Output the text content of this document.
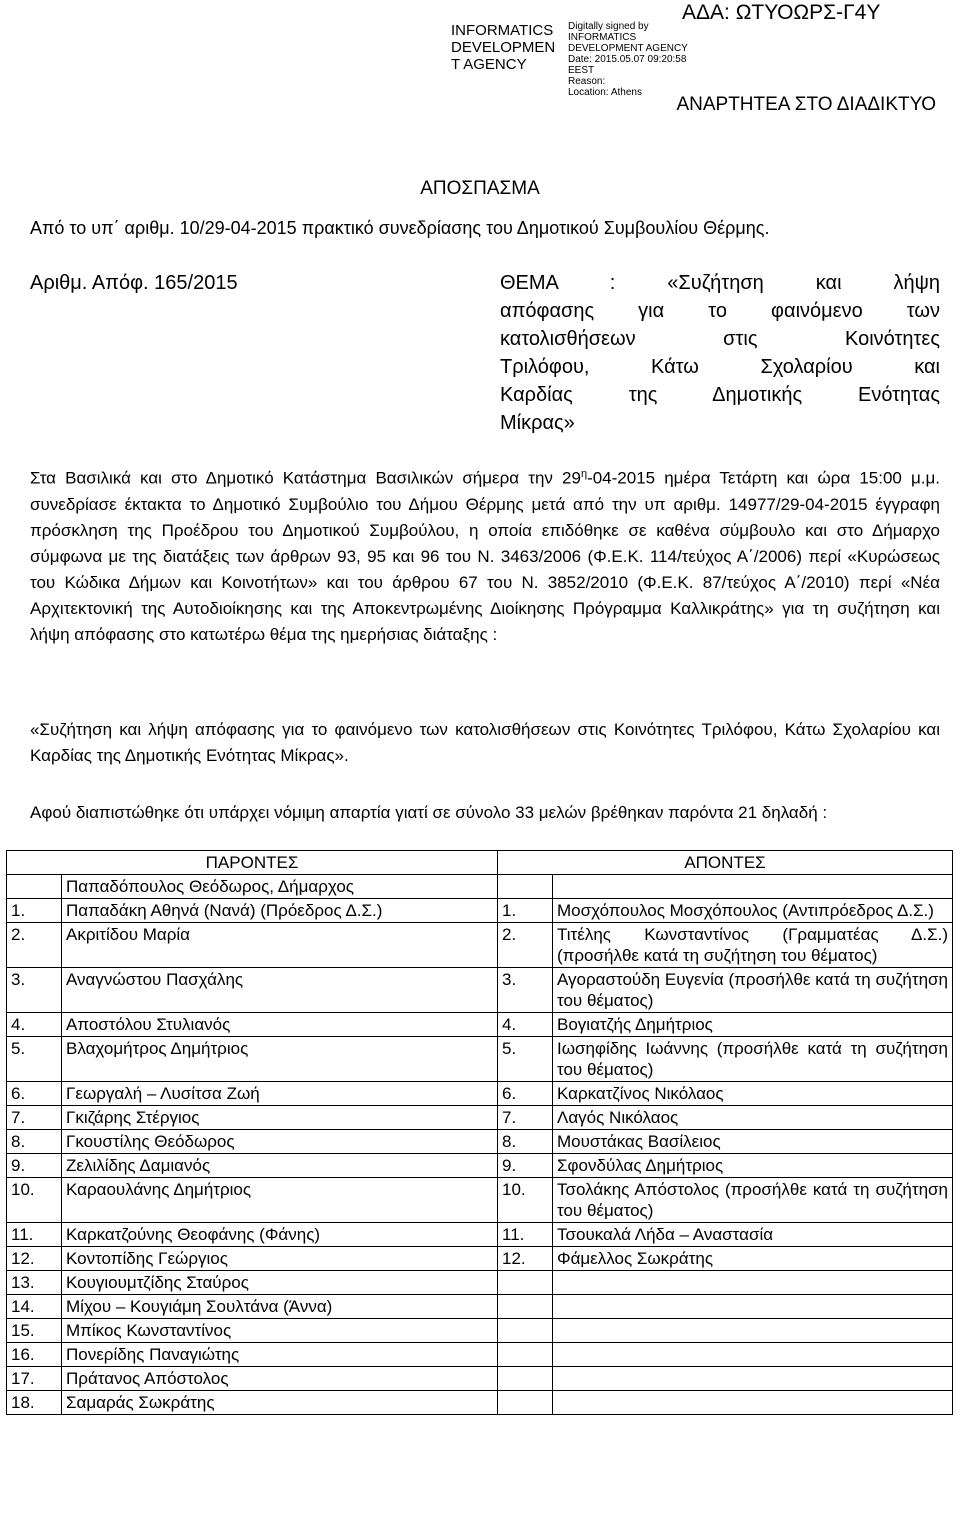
INFORMATICS
DEVELOPMEN
T AGENCY
Digitally signed by
INFORMATICS
DEVELOPMENT AGENCY
Date: 2015.05.07 09:20:58
EEST
Reason:
Location: Athens
ΑΔΑ: ΩΤΥΟΩΡΣ-Γ4Υ
ΑΝΑΡΤΗΤΕΑ ΣΤΟ ΔΙΑΔΙΚΤΥΟ
ΑΠΟΣΠΑΣΜΑ
Από το υπ΄ αριθμ. 10/29-04-2015 πρακτικό συνεδρίασης του Δημοτικού Συμβουλίου Θέρμης.
Αριθμ. Απόφ. 165/2015	ΘΕΜΑ : «Συζήτηση και λήψη
απόφασης για το φαινόμενο των
κατολισθήσεων στις Κοινότητες
Τριλόφου, Κάτω Σχολαρίου και
Καρδίας της Δημοτικής Ενότητας
Μίκρας»
Στα Βασιλικά και στο Δημοτικό Κατάστημα Βασιλικών σήμερα την $29^\eta-04-2015$ ημέρα Τετάρτη και ώρα 15:00 μ.μ. συνεδρίασε έκτακτα το Δημοτικό Συμβούλιο του Δήμου Θέρμης μετά από την υπ αριθμ. 14977/29-04-2015 έγγραφη πρόσκληση της Προέδρου του Δημοτικού Συμβούλου, η οποία επιδόθηκε σε καθένα σύμβουλο και στο Δήμαρχο σύμφωνα με της διατάξεις των άρθρων 93, 95 και 96 του Ν. 3463/2006 (Φ.Ε.Κ. 114/τεύχος Α΄/2006) περί «Κυρώσεως του Κώδικα Δήμων και Κοινοτήτων» και του άρθρου 67 του Ν. 3852/2010 (Φ.Ε.Κ. 87/τεύχος Α΄/2010) περί «Νέα Αρχιτεκτονική της Αυτοδιοίκησης και της Αποκεντρωμένης Διοίκησης Πρόγραμμα Καλλικράτης» για τη συζήτηση και λήψη απόφασης στο κατωτέρω θέμα της ημερήσιας διάταξης :
«Συζήτηση και λήψη απόφασης για το φαινόμενο των κατολισθήσεων στις Κοινότητες Τριλόφου, Κάτω Σχολαρίου και Καρδίας της Δημοτικής Ενότητας Μίκρας».
Αφού διαπιστώθηκε ότι υπάρχει νόμιμη απαρτία γιατί σε σύνολο 33 μελών βρέθηκαν παρόντα 21 δηλαδή :
ΠΑΡΟΝΤΕΣ		ΑΠΟΝΤΕΣ	
	Παπαδόπουλος Θεόδωρος, Δήμαρχος		
1.	Παπαδάκη Αθηνά (Νανά) (Πρόεδρος Δ.Σ.)	1.	Μοσχόπουλος Μοσχόπουλος (Αντιπρόεδρος Δ.Σ.)
2.	Ακριτίδου Μαρία	2.	Τιτέλης Κωνσταντίνος (Γραμματέας Δ.Σ.) (προσήλθε κατά τη συζήτηση του θέματος)
3.	Αναγνώστου Πασχάλης	3.	Αγοραστούδη Ευγενία (προσήλθε κατά τη συζήτηση του θέματος)
4.	Αποστόλου Στυλιανός	4.	Βογιατζής Δημήτριος
5.	Βλαχομήτρος Δημήτριος	5.	Ιωσηφίδης Ιωάννης (προσήλθε κατά τη συζήτηση του θέματος)
6.	Γεωργαλή – Λυσίτσα Ζωή	6.	Καρκατζίνος Νικόλαος
7.	Γκιζάρης Στέργιος	7.	Λαγός Νικόλαος
8.	Γκουστίλης Θεόδωρος	8.	Μουστάκας Βασίλειος
9.	Ζελιλίδης Δαμιανός	9.	Σφονδύλας Δημήτριος
10.	Καραουλάνης Δημήτριος	10.	Τσολάκης Απόστολος (προσήλθε κατά τη συζήτηση του θέματος)
11.	Καρκατζούνης Θεοφάνης (Φάνης)	11.	Τσουκαλά Λήδα – Αναστασία
12.	Κοντοπίδης Γεώργιος	12.	Φάμελλος Σωκράτης
13.	Κουγιουμτζίδης Σταύρος		
14.	Μίχου – Κουγιάμη Σουλτάνα (Άννα)		
15.	Μπίκος Κωνσταντίνος		
16.	Πονερίδης Παναγιώτης		
17.	Πράτανος Απόστολος		
18.	Σαμαράς Σωκράτης		
